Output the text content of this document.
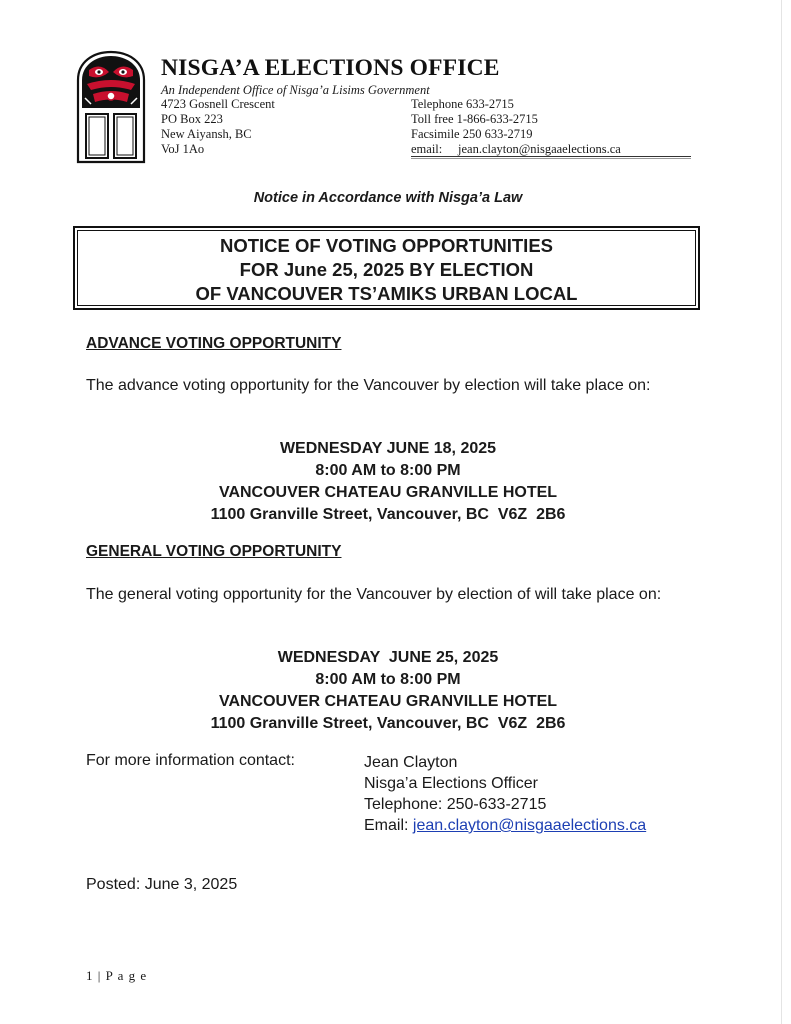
NISGA’A ELECTIONS OFFICE
An Independent Office of Nisga’a Lisims Government
4723 Gosnell Crescent
PO Box 223
New Aiyansh, BC
VoJ 1Ao
Telephone 633-2715
Toll free 1-866-633-2715
Facsimile 250 633-2719
email: jean.clayton@nisgaaelections.ca
Notice in Accordance with Nisga’a Law
NOTICE OF VOTING OPPORTUNITIES
FOR June 25, 2025 BY ELECTION
OF VANCOUVER TS’AMIKS URBAN LOCAL
ADVANCE VOTING OPPORTUNITY
The advance voting opportunity for the Vancouver by election will take place on:
WEDNESDAY JUNE 18, 2025
8:00 AM to 8:00 PM
VANCOUVER CHATEAU GRANVILLE HOTEL
1100 Granville Street, Vancouver, BC  V6Z  2B6
GENERAL VOTING OPPORTUNITY
The general voting opportunity for the Vancouver by election of will take place on:
WEDNESDAY  JUNE 25, 2025
8:00 AM to 8:00 PM
VANCOUVER CHATEAU GRANVILLE HOTEL
1100 Granville Street, Vancouver, BC  V6Z  2B6
For more information contact:	Jean Clayton
Nisga’a Elections Officer
Telephone: 250-633-2715
Email: jean.clayton@nisgaaelections.ca
Posted: June 3, 2025
1 | P a g e
